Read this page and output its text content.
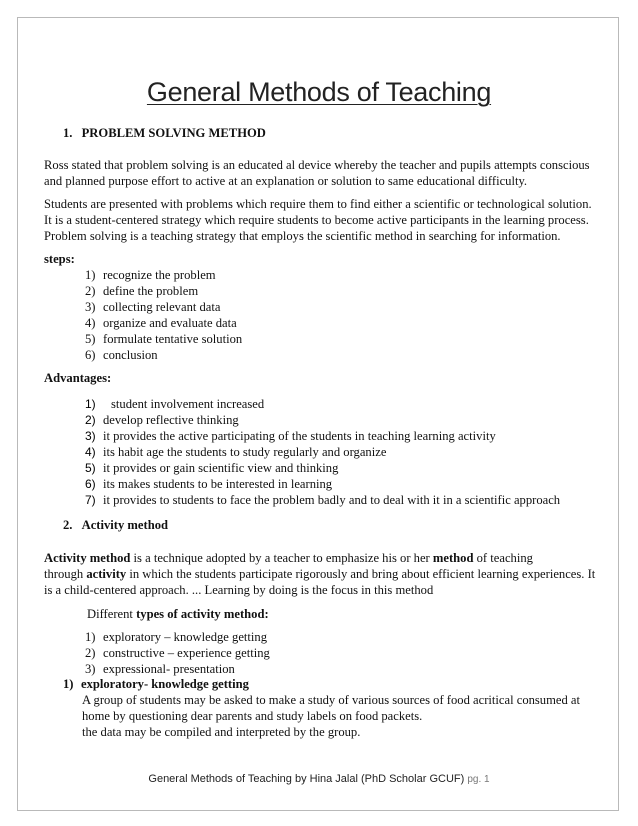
General Methods of Teaching
1. PROBLEM SOLVING METHOD
Ross stated that problem solving is an educated al device whereby the teacher and pupils attempts conscious
and planned purpose effort to active at an explanation or solution to same educational difficulty.
Students are presented with problems which require them to find either a scientific or technological solution.
It is a student-centered strategy which require students to become active participants in the learning process.
Problem solving is a teaching strategy that employs the scientific method in searching for information.
steps:
1) recognize the problem
2) define the problem
3) collecting relevant data
4) organize and evaluate data
5) formulate tentative solution
6) conclusion
Advantages:
1) student involvement increased
2) develop reflective thinking
3) it provides the active participating of the students in teaching learning activity
4) its habit age the students to study regularly and organize
5) it provides or gain scientific view and thinking
6) its makes students to be interested in learning
7) it provides to students to face the problem badly and to deal with it in a scientific approach
2. Activity method
Activity method is a technique adopted by a teacher to emphasize his or her method of teaching
through activity in which the students participate rigorously and bring about efficient learning experiences. It
is a child-centered approach. ... Learning by doing is the focus in this method
Different types of activity method:
1) exploratory – knowledge getting
2) constructive – experience getting
3) expressional- presentation
1) exploratory- knowledge getting
A group of students may be asked to make a study of various sources of food acritical consumed at
home by questioning dear parents and study labels on food packets.
the data may be compiled and interpreted by the group.
General Methods of Teaching by Hina Jalal (PhD Scholar GCUF) pg. 1
